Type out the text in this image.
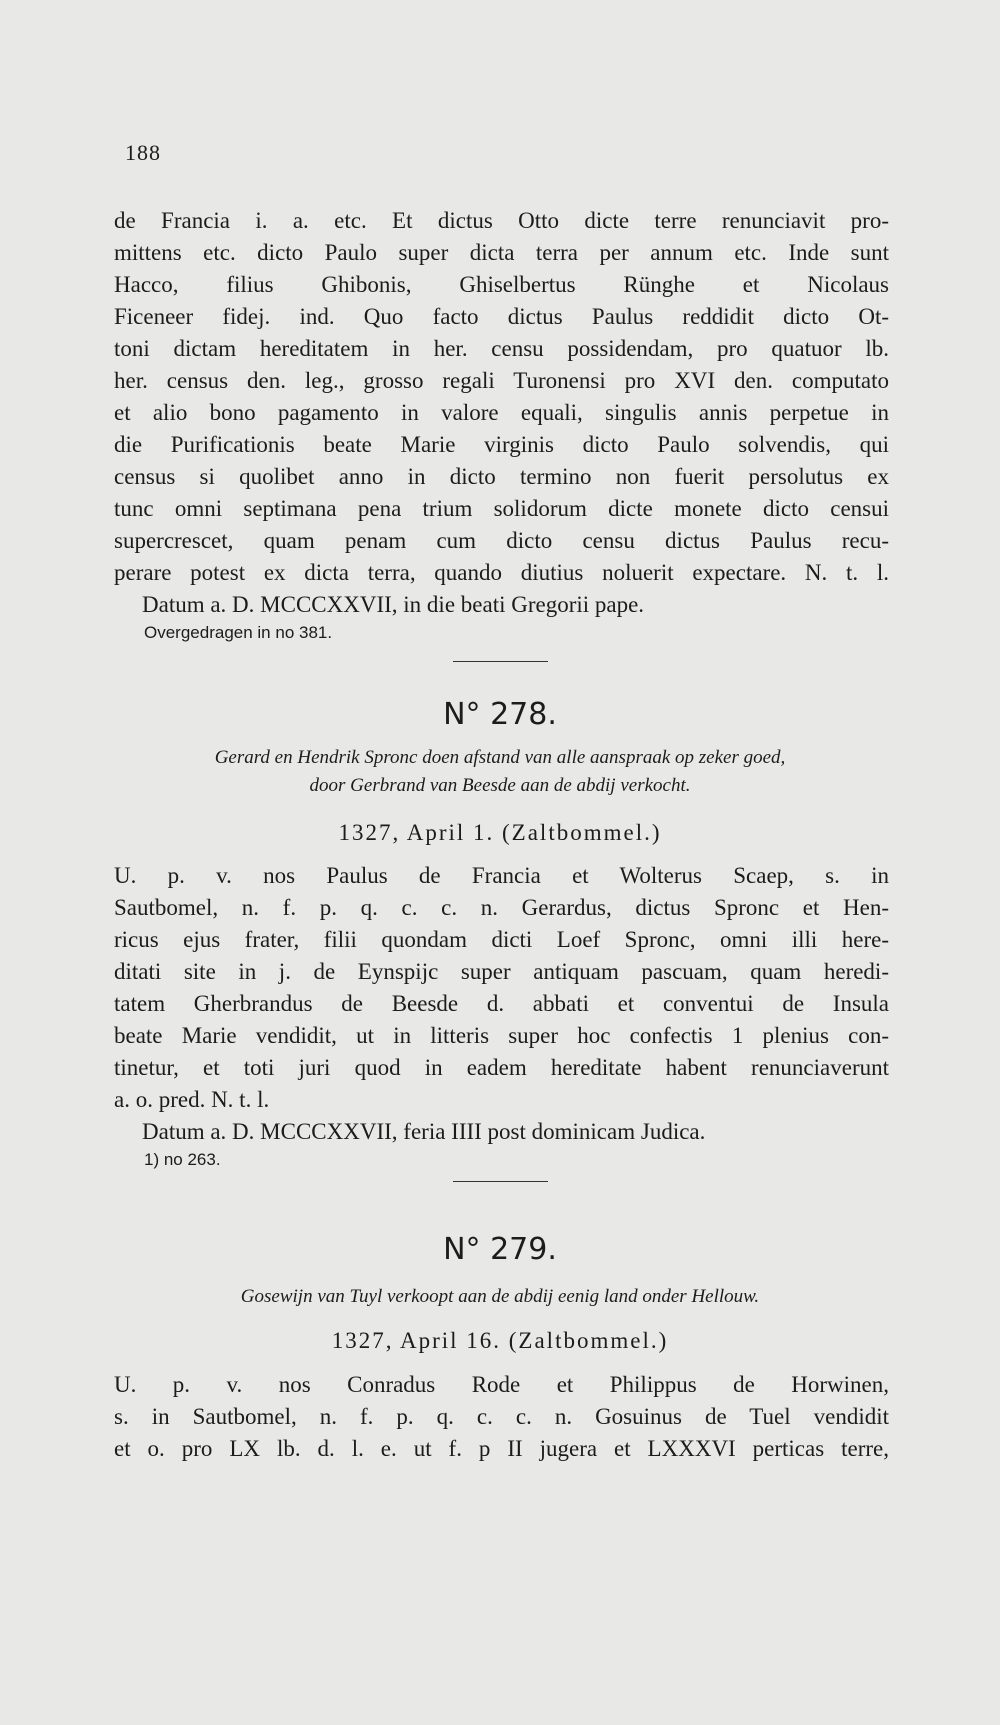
188
de Francia i. a. etc. Et dictus Otto dicte terre renunciavit pro-
mittens etc. dicto Paulo super dicta terra per annum etc. Inde sunt
Hacco, filius Ghibonis, Ghiselbertus Rünghe et Nicolaus
Ficeneer fidej. ind. Quo facto dictus Paulus reddidit dicto Ot-
toni dictam hereditatem in her. censu possidendam, pro quatuor lb.
her. census den. leg., grosso regali Turonensi pro XVI den. computato
et alio bono pagamento in valore equali, singulis annis perpetue in
die Purificationis beate Marie virginis dicto Paulo solvendis, qui
census si quolibet anno in dicto termino non fuerit persolutus ex
tunc omni septimana pena trium solidorum dicte monete dicto censui
supercrescet, quam penam cum dicto censu dictus Paulus recu-
perare potest ex dicta terra, quando diutius noluerit expectare. N. t. l.
Datum a. D. MCCCXXVII, in die beati Gregorii pape.
Overgedragen in no 381.
N° 278.
Gerard en Hendrik Spronc doen afstand van alle aanspraak op zeker goed,
door Gerbrand van Beesde aan de abdij verkocht.
1327, April 1. (Zaltbommel.)
U. p. v. nos Paulus de Francia et Wolterus Scaep, s. in
Sautbomel, n. f. p. q. c. c. n. Gerardus, dictus Spronc et Hen-
ricus ejus frater, filii quondam dicti Loef Spronc, omni illi here-
ditati site in j. de Eynspijc super antiquam pascuam, quam heredi-
tatem Gherbrandus de Beesde d. abbati et conventui de Insula
beate Marie vendidit, ut in litteris super hoc confectis 1 plenius con-
tinetur, et toti juri quod in eadem hereditate habent renunciaverunt
a. o. pred. N. t. l.
Datum a. D. MCCCXXVII, feria IIII post dominicam Judica.
1) no 263.
N° 279.
Gosewijn van Tuyl verkoopt aan de abdij eenig land onder Hellouw.
1327, April 16. (Zaltbommel.)
U. p. v. nos Conradus Rode et Philippus de Horwinen,
s. in Sautbomel, n. f. p. q. c. c. n. Gosuinus de Tuel vendidit
et o. pro LX lb. d. l. e. ut f. p II jugera et LXXXVI perticas terre,
